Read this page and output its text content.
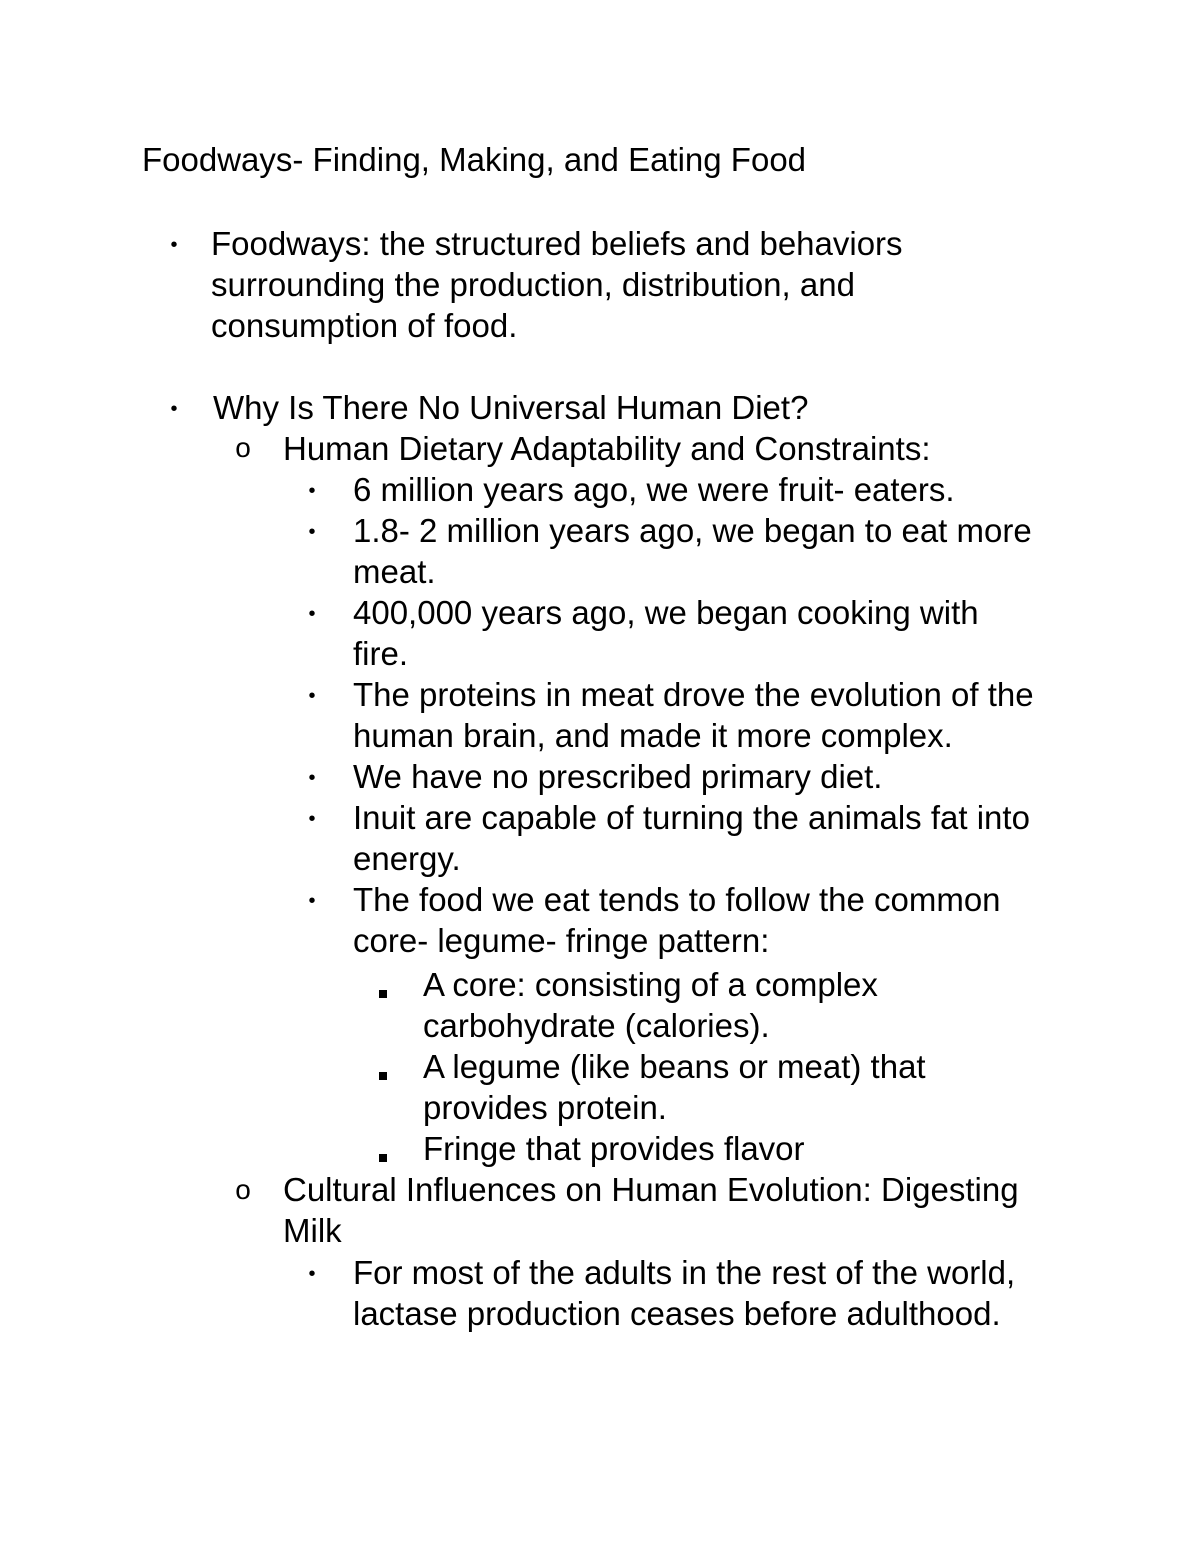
Foodways- Finding, Making, and Eating Food
• Foodways: the structured beliefs and behaviors surrounding the production, distribution, and consumption of food.

• Why Is There No Universal Human Diet?

o Human Dietary Adaptability and Constraints:

• 6 million years ago, we were fruit- eaters.

• 1.8- 2 million years ago, we began to eat more meat.

• 400,000 years ago, we began cooking with fire.

• The proteins in meat drove the evolution of the human brain, and made it more complex.

• We have no prescribed primary diet.

• Inuit are capable of turning the animals fat into energy.

• The food we eat tends to follow the common core- legume- fringe pattern:

A core: consisting of a complex carbohydrate (calories).

A legume (like beans or meat) that provides protein.

Fringe that provides flavor

o Cultural Influences on Human Evolution: Digesting Milk

• For most of the adults in the rest of the world, lactase production ceases before adulthood.
